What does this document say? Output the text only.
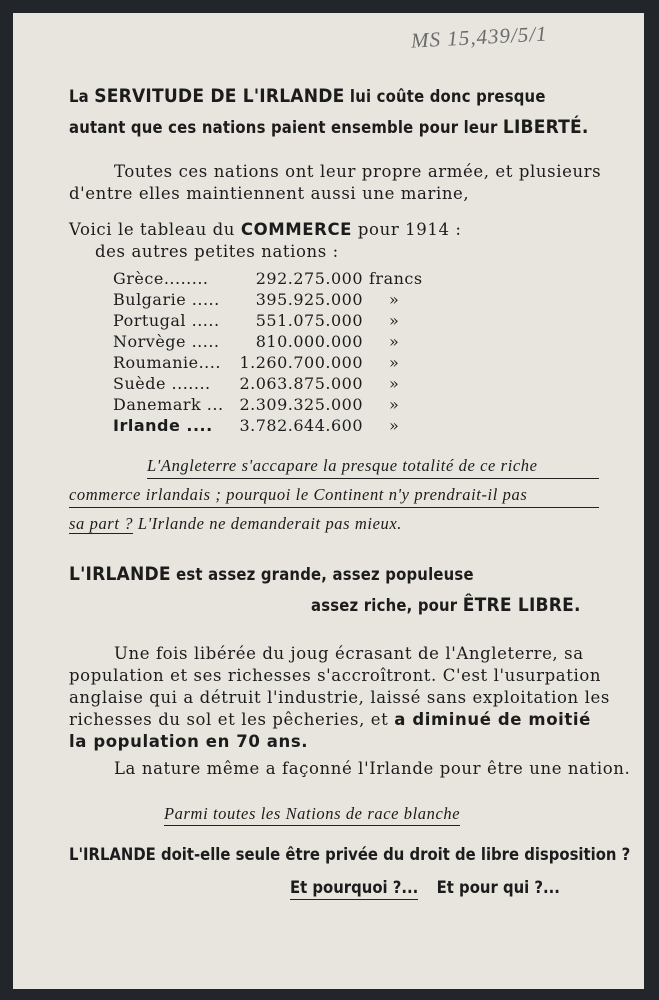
MS 15,439/5/1
La SERVITUDE DE L'IRLANDE lui coûte donc presque
autant que ces nations paient ensemble pour leur LIBERTÉ.
Toutes ces nations ont leur propre armée, et plusieurs
d'entre elles maintiennent aussi une marine,
Voici le tableau du COMMERCE pour 1914 :
des autres petites nations :
Grèce........	292.275.000 francs
Bulgarie ..... 395.925.000 »
Portugal ..... 551.075.000 »
Norvège ..... 810.000.000 »
Roumanie.... 1.260.700.000 »
Suède ....... 2.063.875.000 »
Danemark ... 2.309.325.000 »
Irlande .... 3.782.644.600 »
L'Angleterre s'accapare la presque totalité de ce riche
commerce irlandais ; pourquoi le Continent n'y prendrait-il pas
sa part ? L'Irlande ne demanderait pas mieux.
L'IRLANDE est assez grande, assez populeuse
assez riche, pour ÊTRE LIBRE.
Une fois libérée du joug écrasant de l'Angleterre, sa
population et ses richesses s'accroîtront. C'est l'usurpation
anglaise qui a détruit l'industrie, laissé sans exploitation les
richesses du sol et les pêcheries, et a diminué de moitié
la population en 70 ans.
La nature même a façonné l'Irlande pour être une nation.
Parmi toutes les Nations de race blanche
L'IRLANDE doit-elle seule être privée du droit de libre disposition ?
Et pourquoi ?... Et pour qui ?...
